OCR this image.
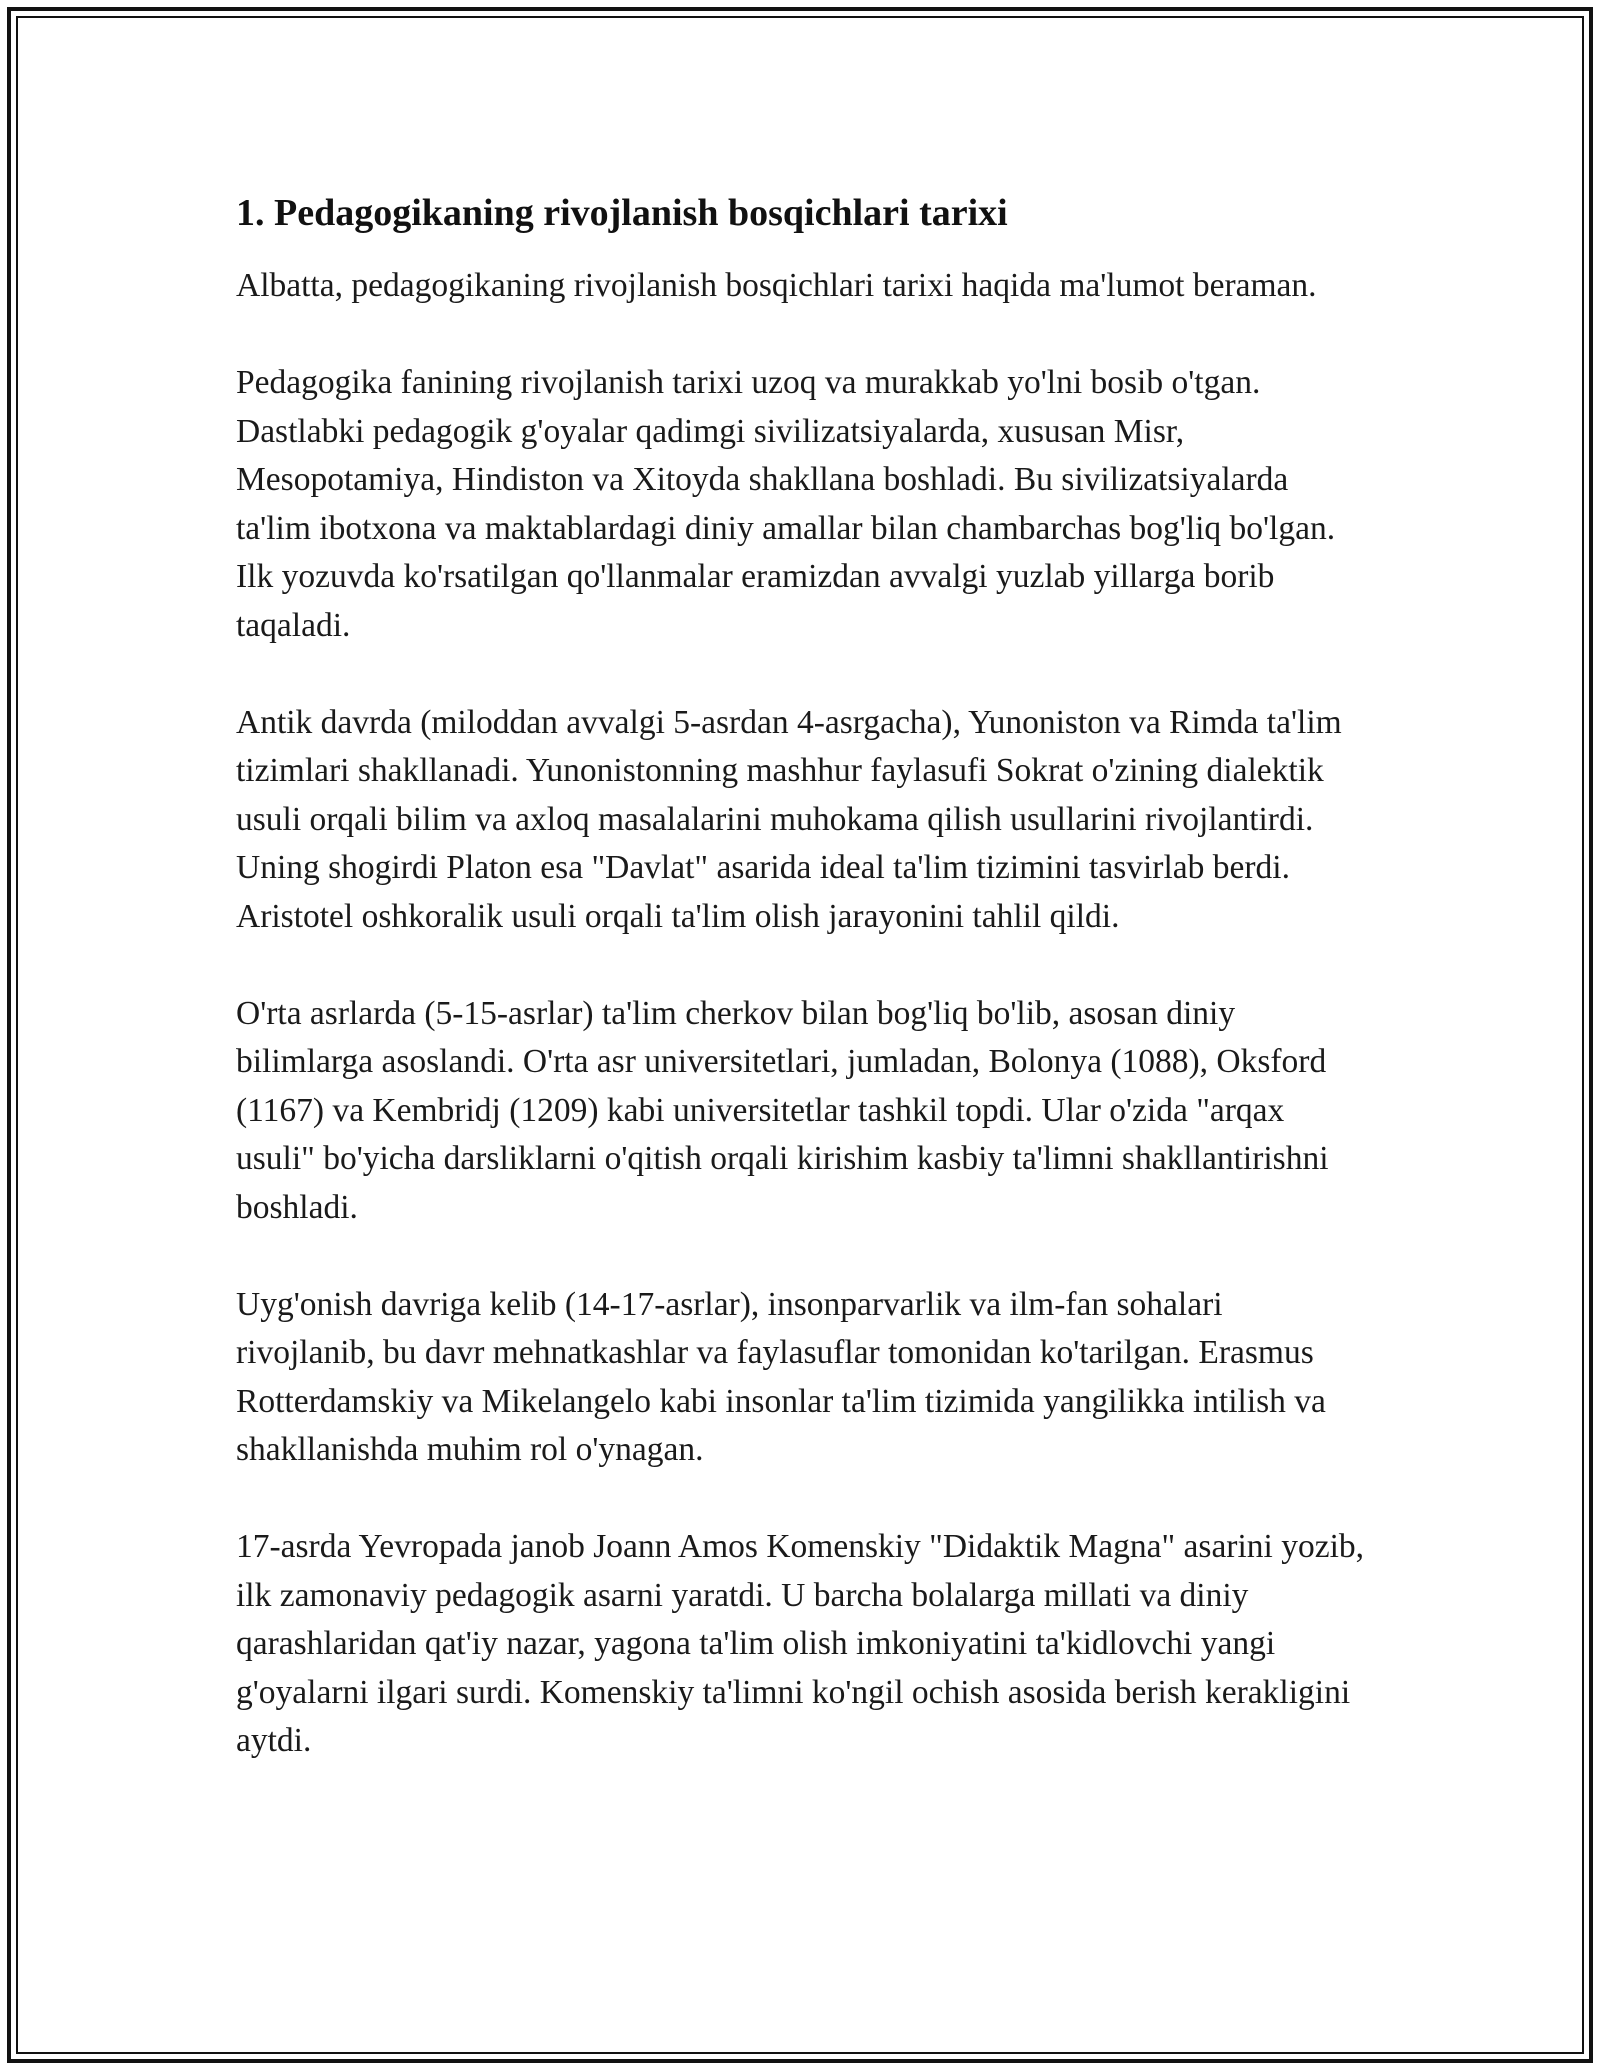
1. Pedagogikaning rivojlanish bosqichlari tarixi

Albatta, pedagogikaning rivojlanish bosqichlari tarixi haqida ma'lumot beraman.

Pedagogika fanining rivojlanish tarixi uzoq va murakkab yo'lni bosib o'tgan. Dastlabki pedagogik g'oyalar qadimgi sivilizatsiyalarda, xususan Misr, Mesopotamiya, Hindiston va Xitoyda shakllana boshladi. Bu sivilizatsiyalarda ta'lim ibotxona va maktablardagi diniy amallar bilan chambarchas bog'liq bo'lgan. Ilk yozuvda ko'rsatilgan qo'llanmalar eramizdan avvalgi yuzlab yillarga borib taqaladi.

Antik davrda (miloddan avvalgi 5-asrdan 4-asrgacha), Yunoniston va Rimda ta'lim tizimlari shakllanadi. Yunonistonning mashhur faylasufi Sokrat o'zining dialektik usuli orqali bilim va axloq masalalarini muhokama qilish usullarini rivojlantirdi. Uning shogirdi Platon esa "Davlat" asarida ideal ta'lim tizimini tasvirlab berdi. Aristotel oshkoralik usuli orqali ta'lim olish jarayonini tahlil qildi.

O'rta asrlarda (5-15-asrlar) ta'lim cherkov bilan bog'liq bo'lib, asosan diniy bilimlarga asoslandi. O'rta asr universitetlari, jumladan, Bolonya (1088), Oksford (1167) va Kembridj (1209) kabi universitetlar tashkil topdi. Ular o'zida "arqax usuli" bo'yicha darsliklarni o'qitish orqali kirishim kasbiy ta'limni shakllantirishni boshladi.

Uyg'onish davriga kelib (14-17-asrlar), insonparvarlik va ilm-fan sohalari rivojlanib, bu davr mehnatkashlar va faylasuflar tomonidan ko'tarilgan. Erasmus Rotterdamskiy va Mikelangelo kabi insonlar ta'lim tizimida yangilikka intilish va shakllanishda muhim rol o'ynagan.

17-asrda Yevropada janob Joann Amos Komenskiy "Didaktik Magna" asarini yozib, ilk zamonaviy pedagogik asarni yaratdi. U barcha bolalarga millati va diniy qarashlaridan qat'iy nazar, yagona ta'lim olish imkoniyatini ta'kidlovchi yangi g'oyalarni ilgari surdi. Komenskiy ta'limni ko'ngil ochish asosida berish kerakligini aytdi.
